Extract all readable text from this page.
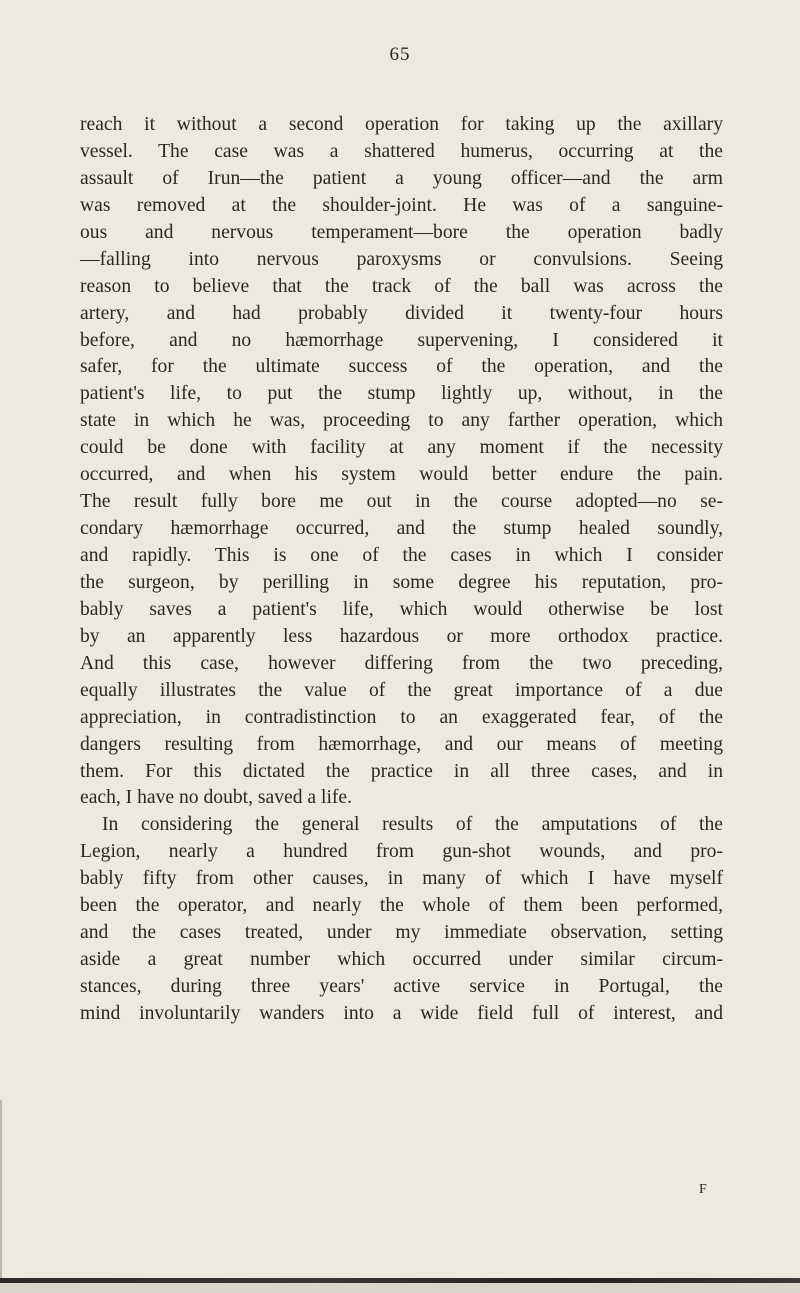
65
reach it without a second operation for taking up the axillary
vessel. The case was a shattered humerus, occurring at the
assault of Irun—the patient a young officer—and the arm
was removed at the shoulder-joint. He was of a sanguine-
ous and nervous temperament—bore the operation badly
—falling into nervous paroxysms or convulsions. Seeing
reason to believe that the track of the ball was across the
artery, and had probably divided it twenty-four hours
before, and no hæmorrhage supervening, I considered it
safer, for the ultimate success of the operation, and the
patient's life, to put the stump lightly up, without, in the
state in which he was, proceeding to any farther operation, which
could be done with facility at any moment if the necessity
occurred, and when his system would better endure the pain.
The result fully bore me out in the course adopted—no se-
condary hæmorrhage occurred, and the stump healed soundly,
and rapidly. This is one of the cases in which I consider
the surgeon, by perilling in some degree his reputation, pro-
bably saves a patient's life, which would otherwise be lost
by an apparently less hazardous or more orthodox practice.
And this case, however differing from the two preceding,
equally illustrates the value of the great importance of a due
appreciation, in contradistinction to an exaggerated fear, of the
dangers resulting from hæmorrhage, and our means of meeting
them. For this dictated the practice in all three cases, and in
each, I have no doubt, saved a life.
In considering the general results of the amputations of the
Legion, nearly a hundred from gun-shot wounds, and pro-
bably fifty from other causes, in many of which I have myself
been the operator, and nearly the whole of them been performed,
and the cases treated, under my immediate observation, setting
aside a great number which occurred under similar circum-
stances, during three years' active service in Portugal, the
mind involuntarily wanders into a wide field full of interest, and
F
